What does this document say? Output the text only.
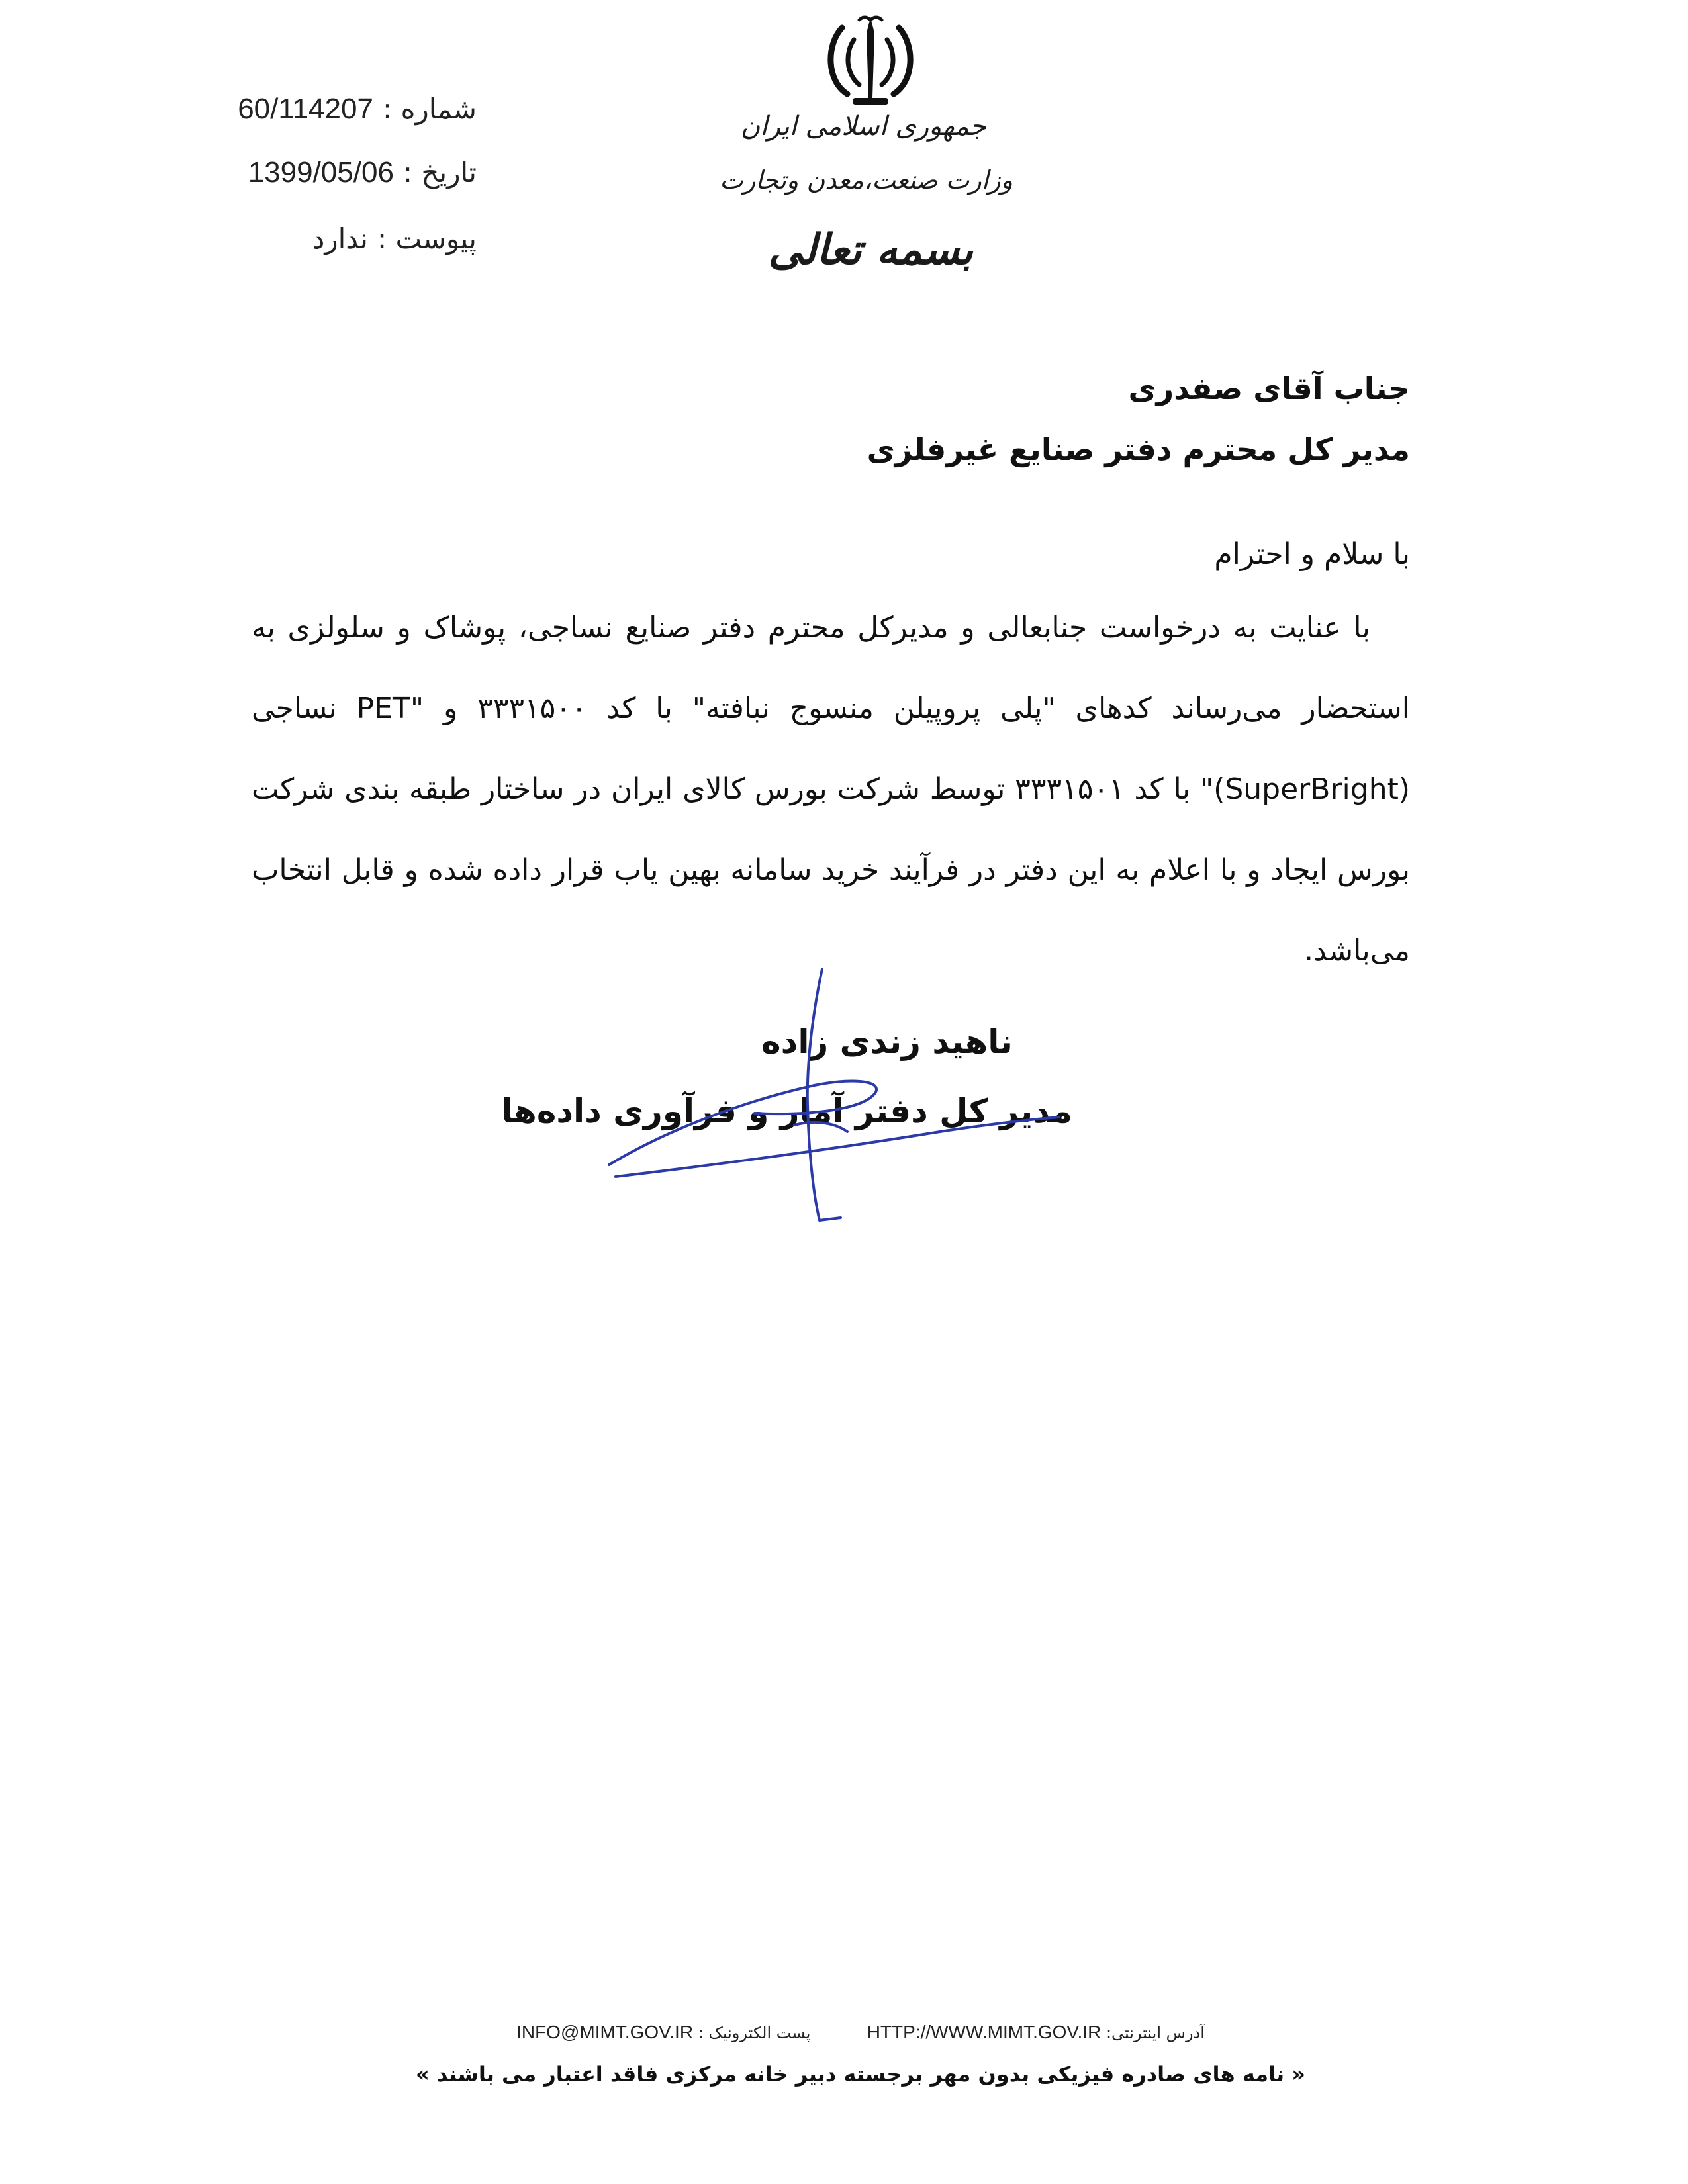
جمهوری اسلامی ایران
وزارت صنعت،معدن وتجارت
بسمه تعالی
شماره :
60/114207
تاریخ :
1399/05/06
پیوست :
ندارد
جناب آقای صفدری
مدیر کل محترم دفتر صنایع غیرفلزی
با سلام و احترام
با عنایت به درخواست جنابعالی و مدیرکل محترم دفتر صنایع نساجی، پوشاک و سلولزی به استحضار می‌رساند کدهای "پلی پروپیلن منسوج نبافته" با کد ۳۳۳۱۵۰۰ و "PET نساجی (SuperBright)" با کد ۳۳۳۱۵۰۱ توسط شرکت بورس کالای ایران در ساختار طبقه بندی شرکت بورس ایجاد و با اعلام به این دفتر در فرآیند خرید سامانه بهین یاب قرار داده شده و قابل انتخاب می‌باشد.
ناهید زندی زاده
مدیر کل دفتر آمار و فرآوری داده‌ها
آدرس اینترنتی: HTTP://WWW.MIMT.GOV.IR  پست الکترونیک : INFO@MIMT.GOV.IR
« نامه های صادره فیزیکی بدون مهر برجسته دبیر خانه مرکزی فاقد اعتبار می باشند »
